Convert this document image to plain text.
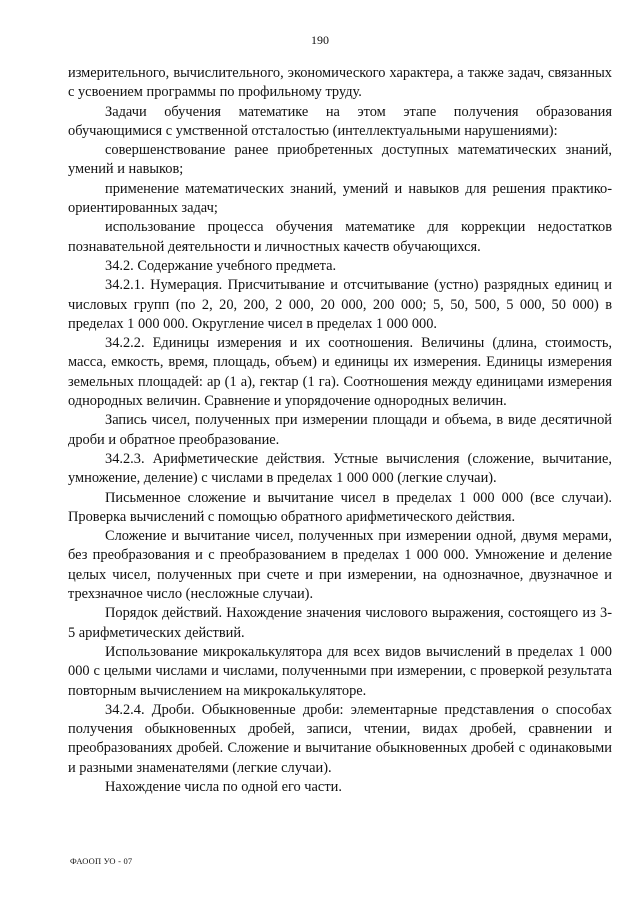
190

измерительного, вычислительного, экономического характера, а также задач, связанных с усвоением программы по профильному труду.

Задачи обучения математике на этом этапе получения образования обучающимися с умственной отсталостью (интеллектуальными нарушениями):

совершенствование ранее приобретенных доступных математических знаний, умений и навыков;

применение математических знаний, умений и навыков для решения практико-ориентированных задач;

использование процесса обучения математике для коррекции недостатков познавательной деятельности и личностных качеств обучающихся.

34.2. Содержание учебного предмета.

34.2.1. Нумерация. Присчитывание и отсчитывание (устно) разрядных единиц и числовых групп (по 2, 20, 200, 2 000, 20 000, 200 000; 5, 50, 500, 5 000, 50 000) в пределах 1 000 000. Округление чисел в пределах 1 000 000.

34.2.2. Единицы измерения и их соотношения. Величины (длина, стоимость, масса, емкость, время, площадь, объем) и единицы их измерения. Единицы измерения земельных площадей: ар (1 а), гектар (1 га). Соотношения между единицами измерения однородных величин. Сравнение и упорядочение однородных величин.

Запись чисел, полученных при измерении площади и объема, в виде десятичной дроби и обратное преобразование.

34.2.3. Арифметические действия. Устные вычисления (сложение, вычитание, умножение, деление) с числами в пределах 1 000 000 (легкие случаи).

Письменное сложение и вычитание чисел в пределах 1 000 000 (все случаи). Проверка вычислений с помощью обратного арифметического действия.

Сложение и вычитание чисел, полученных при измерении одной, двумя мерами, без преобразования и с преобразованием в пределах 1 000 000. Умножение и деление целых чисел, полученных при счете и при измерении, на однозначное, двузначное и трехзначное число (несложные случаи).

Порядок действий. Нахождение значения числового выражения, состоящего из 3-5 арифметических действий.

Использование микрокалькулятора для всех видов вычислений в пределах 1 000 000 с целыми числами и числами, полученными при измерении, с проверкой результата повторным вычислением на микрокалькуляторе.

34.2.4. Дроби. Обыкновенные дроби: элементарные представления о способах получения обыкновенных дробей, записи, чтении, видах дробей, сравнении и преобразованиях дробей. Сложение и вычитание обыкновенных дробей с одинаковыми и разными знаменателями (легкие случаи).

Нахождение числа по одной его части.

ФАООП УО - 07
